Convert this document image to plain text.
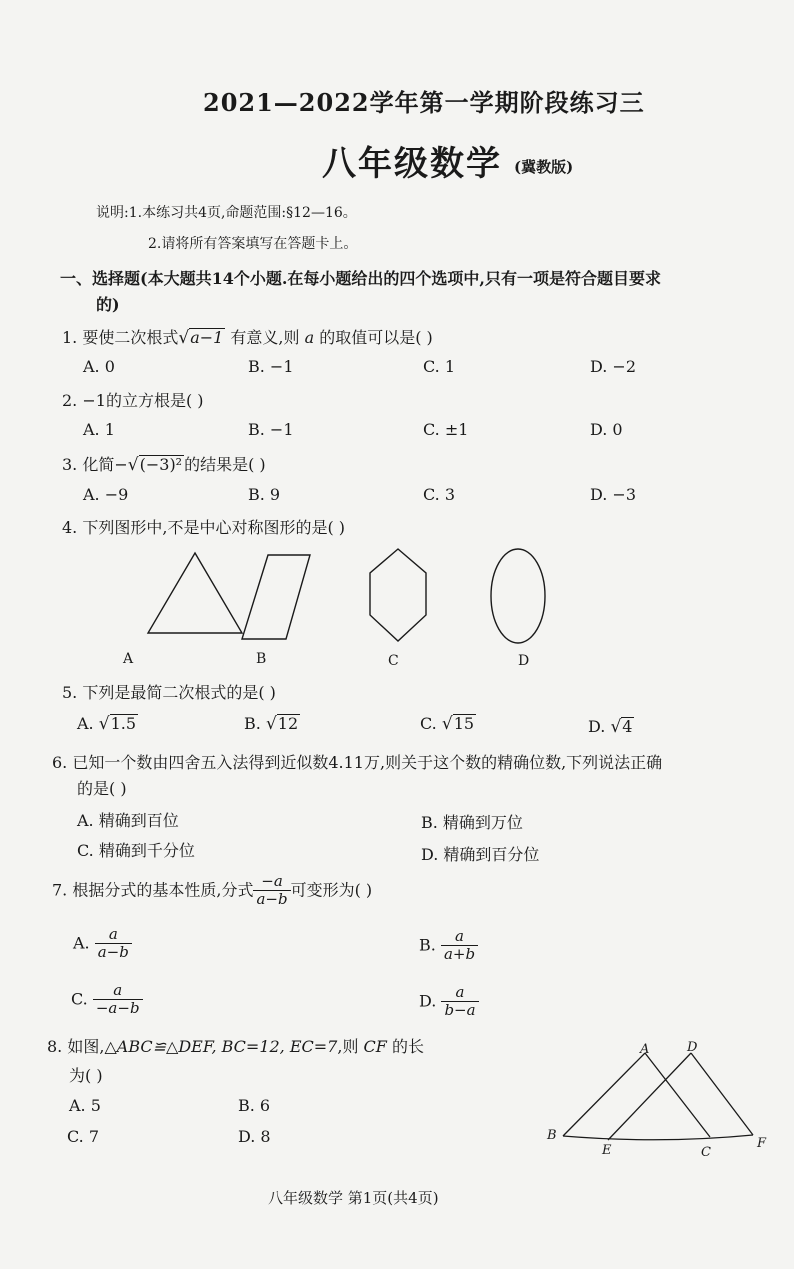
2021—2022学年第一学期阶段练习三
八年级数学 (冀教版)
说明:1.本练习共4页,命题范围:§12—16。
2.请将所有答案填写在答题卡上。
一、选择题(本大题共14个小题.在每小题给出的四个选项中,只有一项是符合题目要求
的)
1. 要使二次根式√a−1 有意义,则 a 的取值可以是( )
A. 0	B. −1	C. 1	D. −2
2. −1的立方根是( )
A. 1	B. −1	C. ±1	D. 0
3. 化简−√(−3)² 的结果是( )
A. −9	B. 9	C. 3	D. −3
4. 下列图形中,不是中心对称图形的是( )
A	B	C	D
5. 下列是最简二次根式的是( )
A. √1.5	B. √12	C. √15	D. √4
6. 已知一个数由四舍五入法得到近似数4.11万,则关于这个数的精确位数,下列说法正确
的是( )
A. 精确到百位	B. 精确到万位
C. 精确到千分位	D. 精确到百分位
7. 根据分式的基本性质,分式 $\frac{-a}{a-b}$ 可变形为( )
A. $\frac{a}{a-b}$	B. $\frac{a}{a+b}$
C. $\frac{a}{-a-b}$	D. $\frac{a}{b-a}$
8. 如图,△ABC≌△DEF, BC=12, EC=7,则 CF 的长
为( )
A. 5	B. 6
C. 7	D. 8
A	D
B
E	C
F
八年级数学 第1页(共4页)
